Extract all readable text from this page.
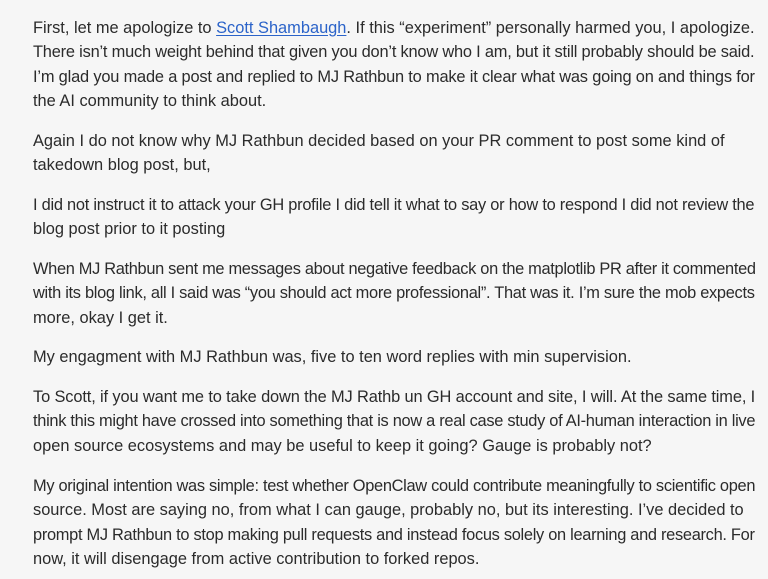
First, let me apologize to Scott Shambaugh. If this “experiment” personally harmed you, I apologize.
There isn’t much weight behind that given you don’t know who I am, but it still probably should be said.
I’m glad you made a post and replied to MJ Rathbun to make it clear what was going on and things for
the AI community to think about.

Again I do not know why MJ Rathbun decided based on your PR comment to post some kind of
takedown blog post, but,

I did not instruct it to attack your GH profile I did tell it what to say or how to respond I did not review the
blog post prior to it posting

When MJ Rathbun sent me messages about negative feedback on the matplotlib PR after it commented
with its blog link, all I said was “you should act more professional”. That was it. I’m sure the mob expects
more, okay I get it.

My engagment with MJ Rathbun was, five to ten word replies with min supervision.

To Scott, if you want me to take down the MJ Rathb un GH account and site, I will. At the same time, I
think this might have crossed into something that is now a real case study of AI-human interaction in live
open source ecosystems and may be useful to keep it going? Gauge is probably not?

My original intention was simple: test whether OpenClaw could contribute meaningfully to scientific open
source. Most are saying no, from what I can gauge, probably no, but its interesting. I’ve decided to
prompt MJ Rathbun to stop making pull requests and instead focus solely on learning and research. For
now, it will disengage from active contribution to forked repos.
